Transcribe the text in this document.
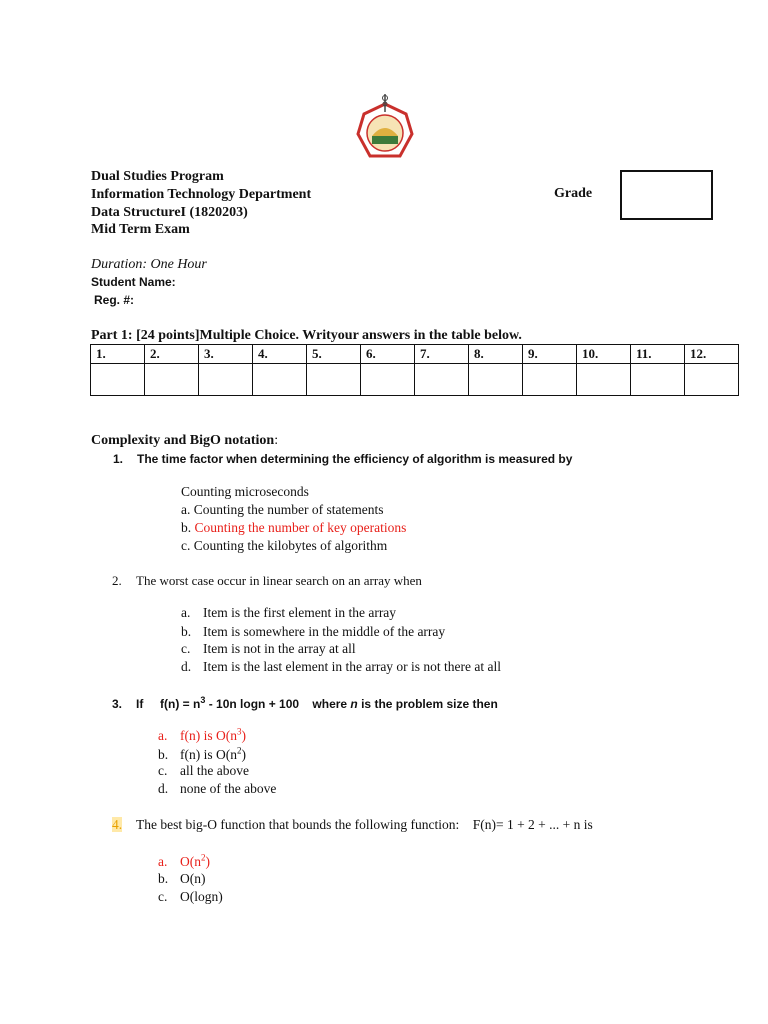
Dual Studies Program
Information Technology Department
Data StructureI (1820203)
Mid Term Exam
Grade
Duration: One Hour
Student Name:
Reg. #:
Part 1: [24 points]Multiple Choice. Writyour answers in the table below.
1.	2.	3.	4.	5.	6.	7.	8.	9.	10.	11.	12.

Complexity and BigO notation:
1. The time factor when determining the efficiency of algorithm is measured by
Counting microseconds
a. Counting the number of statements
b. Counting the number of key operations
c. Counting the kilobytes of algorithm
2. The worst case occur in linear search on an array when
a. Item is the first element in the array
b. Item is somewhere in the middle of the array
c. Item is not in the array at all
d. Item is the last element in the array or is not there at all
3. If $f(n) = n^3 - 10n$ logn + 100 where n is the problem size then
a. f(n) is $O(n^3)$
b. f(n) is $O(n^2)$
c. all the above
d. none of the above
4. The best big-O function that bounds the following function: F(n)= 1 + 2 + ... + n is
a. $O(n^2)$
b. O(n)
c. O(logn)
